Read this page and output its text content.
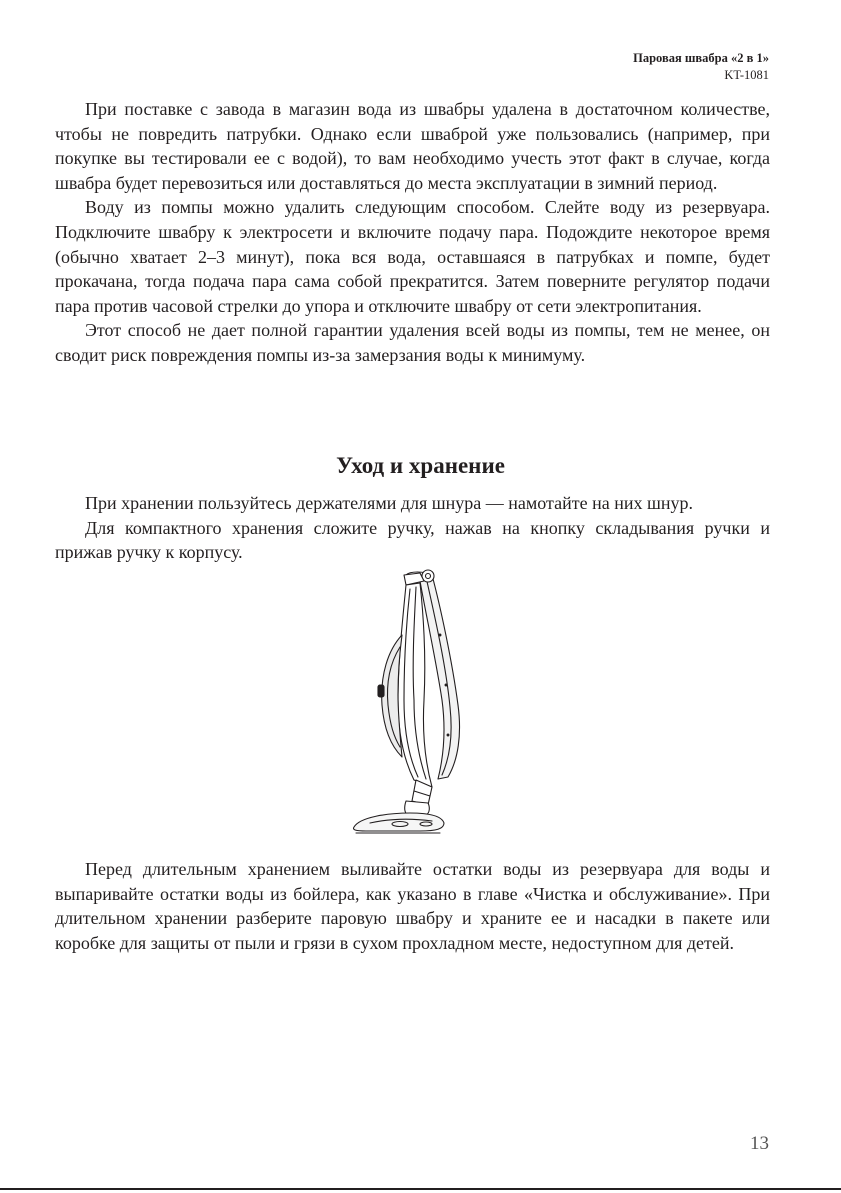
Паровая швабра «2 в 1»
KT-1081

При поставке с завода в магазин вода из швабры удалена в достаточном количестве, чтобы не повредить патрубки. Однако если шваброй уже пользовались (например, при покупке вы тестировали ее с водой), то вам необходимо учесть этот факт в случае, когда швабра будет перевозиться или доставляться до места эксплуатации в зимний период.

Воду из помпы можно удалить следующим способом. Слейте воду из резервуара. Подключите швабру к электросети и включите подачу пара. Подождите некоторое время (обычно хватает 2–3 минут), пока вся вода, оставшаяся в патрубках и помпе, будет прокачана, тогда подача пара сама собой прекратится. Затем поверните регулятор подачи пара против часовой стрелки до упора и отключите швабру от сети электропитания.

Этот способ не дает полной гарантии удаления всей воды из помпы, тем не менее, он сводит риск повреждения помпы из-за замерзания воды к минимуму.

Уход и хранение

При хранении пользуйтесь держателями для шнура — намотайте на них шнур.

Для компактного хранения сложите ручку, нажав на кнопку складывания ручки и прижав ручку к корпусу.

Перед длительным хранением выливайте остатки воды из резервуара для воды и выпаривайте остатки воды из бойлера, как указано в главе «Чистка и обслуживание». При длительном хранении разберите паровую швабру и храните ее и насадки в пакете или коробке для защиты от пыли и грязи в сухом прохладном месте, недоступном для детей.

13
